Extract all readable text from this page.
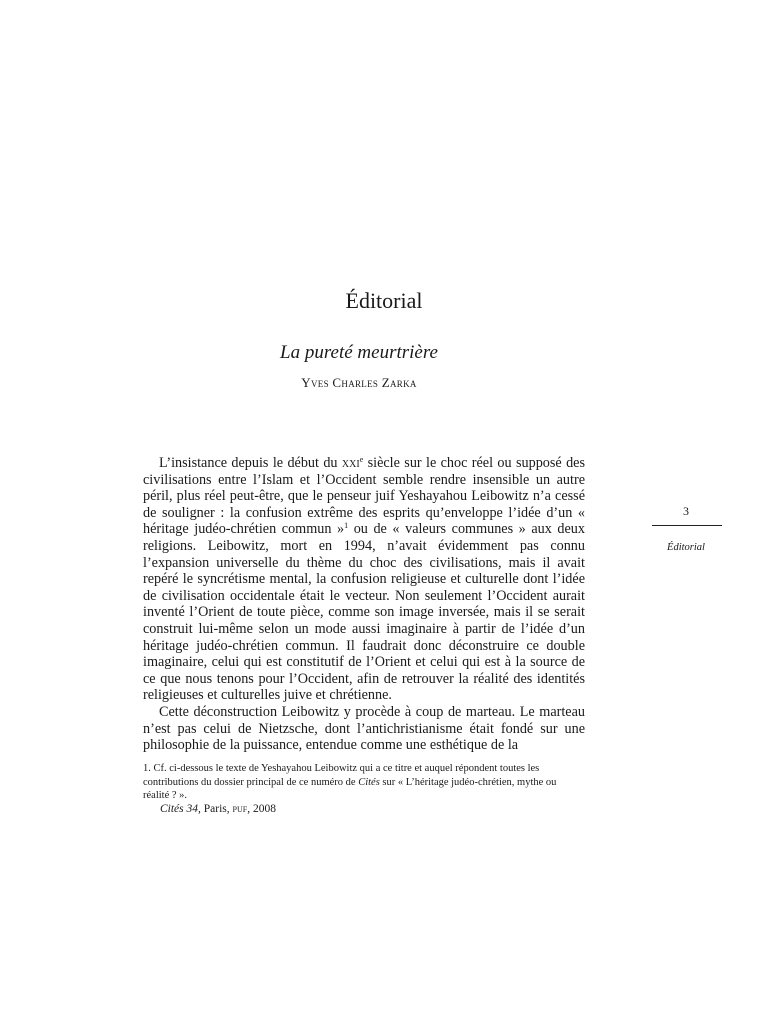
Éditorial
La pureté meurtrière
Yves Charles Zarka

L’insistance depuis le début du xxi$^e$ siècle sur le choc réel ou supposé des civilisations entre l’Islam et l’Occident semble rendre insensible un autre péril, plus réel peut-être, que le penseur juif Yeshayahou Leibowitz n’a cessé de souligner : la confusion extrême des esprits qu’enveloppe l’idée d’un « héritage judéo-chrétien commun »$^1$ ou de « valeurs communes » aux deux religions. Leibowitz, mort en 1994, n’avait évidemment pas connu l’expansion universelle du thème du choc des civilisations, mais il avait repéré le syncrétisme mental, la confusion religieuse et culturelle dont l’idée de civilisation occidentale était le vecteur. Non seulement l’Occident aurait inventé l’Orient de toute pièce, comme son image inversée, mais il se serait construit lui-même selon un mode aussi imaginaire à partir de l’idée d’un héritage judéo-chrétien commun. Il faudrait donc déconstruire ce double imaginaire, celui qui est constitutif de l’Orient et celui qui est à la source de ce que nous tenons pour l’Occident, afin de retrouver la réalité des identités religieuses et culturelles juive et chrétienne.

Cette déconstruction Leibowitz y procède à coup de marteau. Le marteau n’est pas celui de Nietzsche, dont l’antichristianisme était fondé sur une philosophie de la puissance, entendue comme une esthétique de la

1. Cf. ci-dessous le texte de Yeshayahou Leibowitz qui a ce titre et auquel répondent toutes les contributions du dossier principal de ce numéro de Cités sur « L’héritage judéo-chrétien, mythe ou réalité ? ».
Cités 34, Paris, puf, 2008
3
Éditorial
